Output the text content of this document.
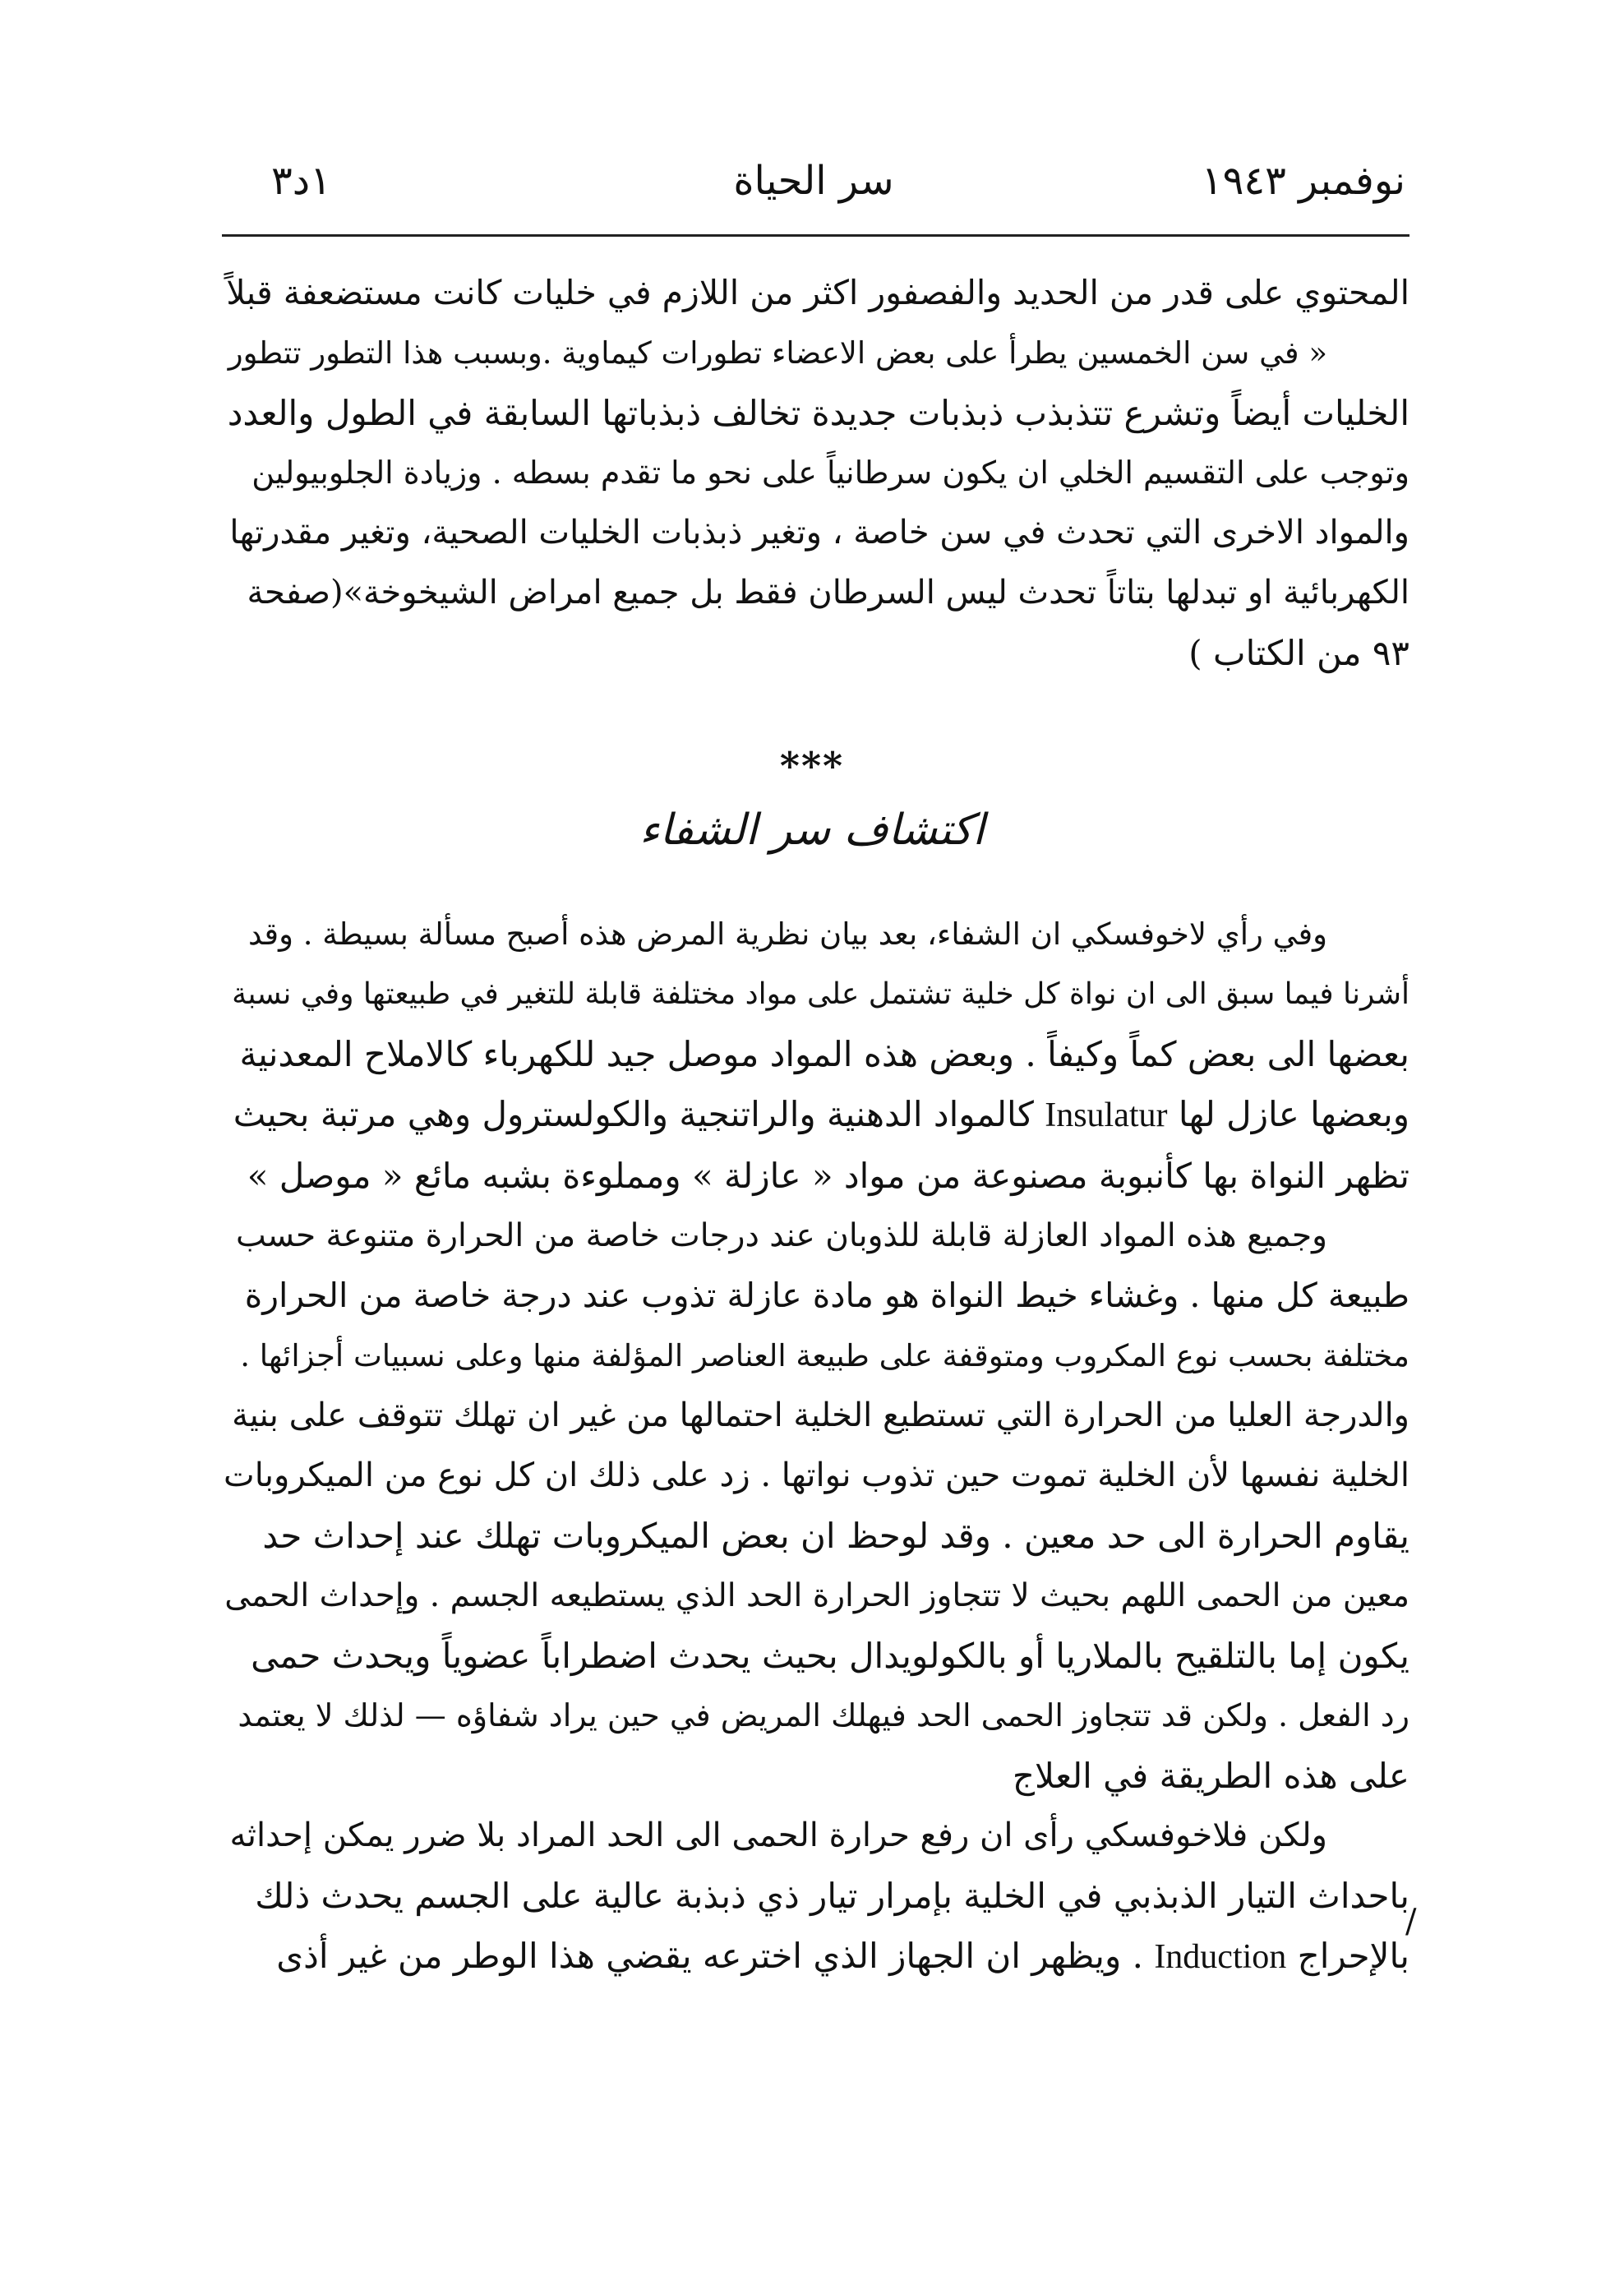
نوفمبر ١٩٤٣
سر الحياة
١د٣
المحتوي على قدر من الحديد والفصفور اكثر من اللازم في خليات كانت مستضعفة قبلاً
« في سن الخمسين يطرأ على بعض الاعضاء تطورات كيماوية .وبسبب هذا التطور تتطور
الخليات أيضاً وتشرع تتذبذب ذبذبات جديدة تخالف ذبذباتها السابقة في الطول والعدد
وتوجب على التقسيم الخلي ان يكون سرطانياً على نحو ما تقدم بسطه . وزيادة الجلوبيولين
والمواد الاخرى التي تحدث في سن خاصة ، وتغير ذبذبات الخليات الصحية، وتغير مقدرتها
الكهربائية او تبدلها بتاتاً تحدث ليس السرطان فقط بل جميع امراض الشيخوخة»(صفحة
٩٣ من الكتاب )
***
اكتشاف سر الشفاء
وفي رأي لاخوفسكي ان الشفاء، بعد بيان نظرية المرض هذه أصبح مسألة بسيطة . وقد
أشرنا فيما سبق الى ان نواة كل خلية تشتمل على مواد مختلفة قابلة للتغير في طبيعتها وفي نسبة
بعضها الى بعض كماً وكيفاً . وبعض هذه المواد موصل جيد للكهرباء كالاملاح المعدنية
وبعضها عازل لها Insulatur كالمواد الدهنية والراتنجية والكولسترول وهي مرتبة بحيث
تظهر النواة بها كأنبوبة مصنوعة من مواد « عازلة » ومملوءة بشبه مائع « موصل »
وجميع هذه المواد العازلة قابلة للذوبان عند درجات خاصة من الحرارة متنوعة حسب
طبيعة كل منها . وغشاء خيط النواة هو مادة عازلة تذوب عند درجة خاصة من الحرارة
مختلفة بحسب نوع المكروب ومتوقفة على طبيعة العناصر المؤلفة منها وعلى نسبيات أجزائها .
والدرجة العليا من الحرارة التي تستطيع الخلية احتمالها من غير ان تهلك تتوقف على بنية
الخلية نفسها لأن الخلية تموت حين تذوب نواتها . زد على ذلك ان كل نوع من الميكروبات
يقاوم الحرارة الى حد معين . وقد لوحظ ان بعض الميكروبات تهلك عند إحداث حد
معين من الحمى اللهم بحيث لا تتجاوز الحرارة الحد الذي يستطيعه الجسم . وإحداث الحمى
يكون إما بالتلقيح بالملاريا أو بالكولويدال بحيث يحدث اضطراباً عضوياً ويحدث حمى
رد الفعل . ولكن قد تتجاوز الحمى الحد فيهلك المريض في حين يراد شفاؤه — لذلك لا يعتمد
على هذه الطريقة في العلاج
ولكن فلاخوفسكي رأى ان رفع حرارة الحمى الى الحد المراد بلا ضرر يمكن إحداثه
باحداث التيار الذبذبي في الخلية بإمرار تيار ذي ذبذبة عالية على الجسم يحدث ذلك
بالإحراج Induction . ويظهر ان الجهاز الذي اخترعه يقضي هذا الوطر من غير أذى
/
